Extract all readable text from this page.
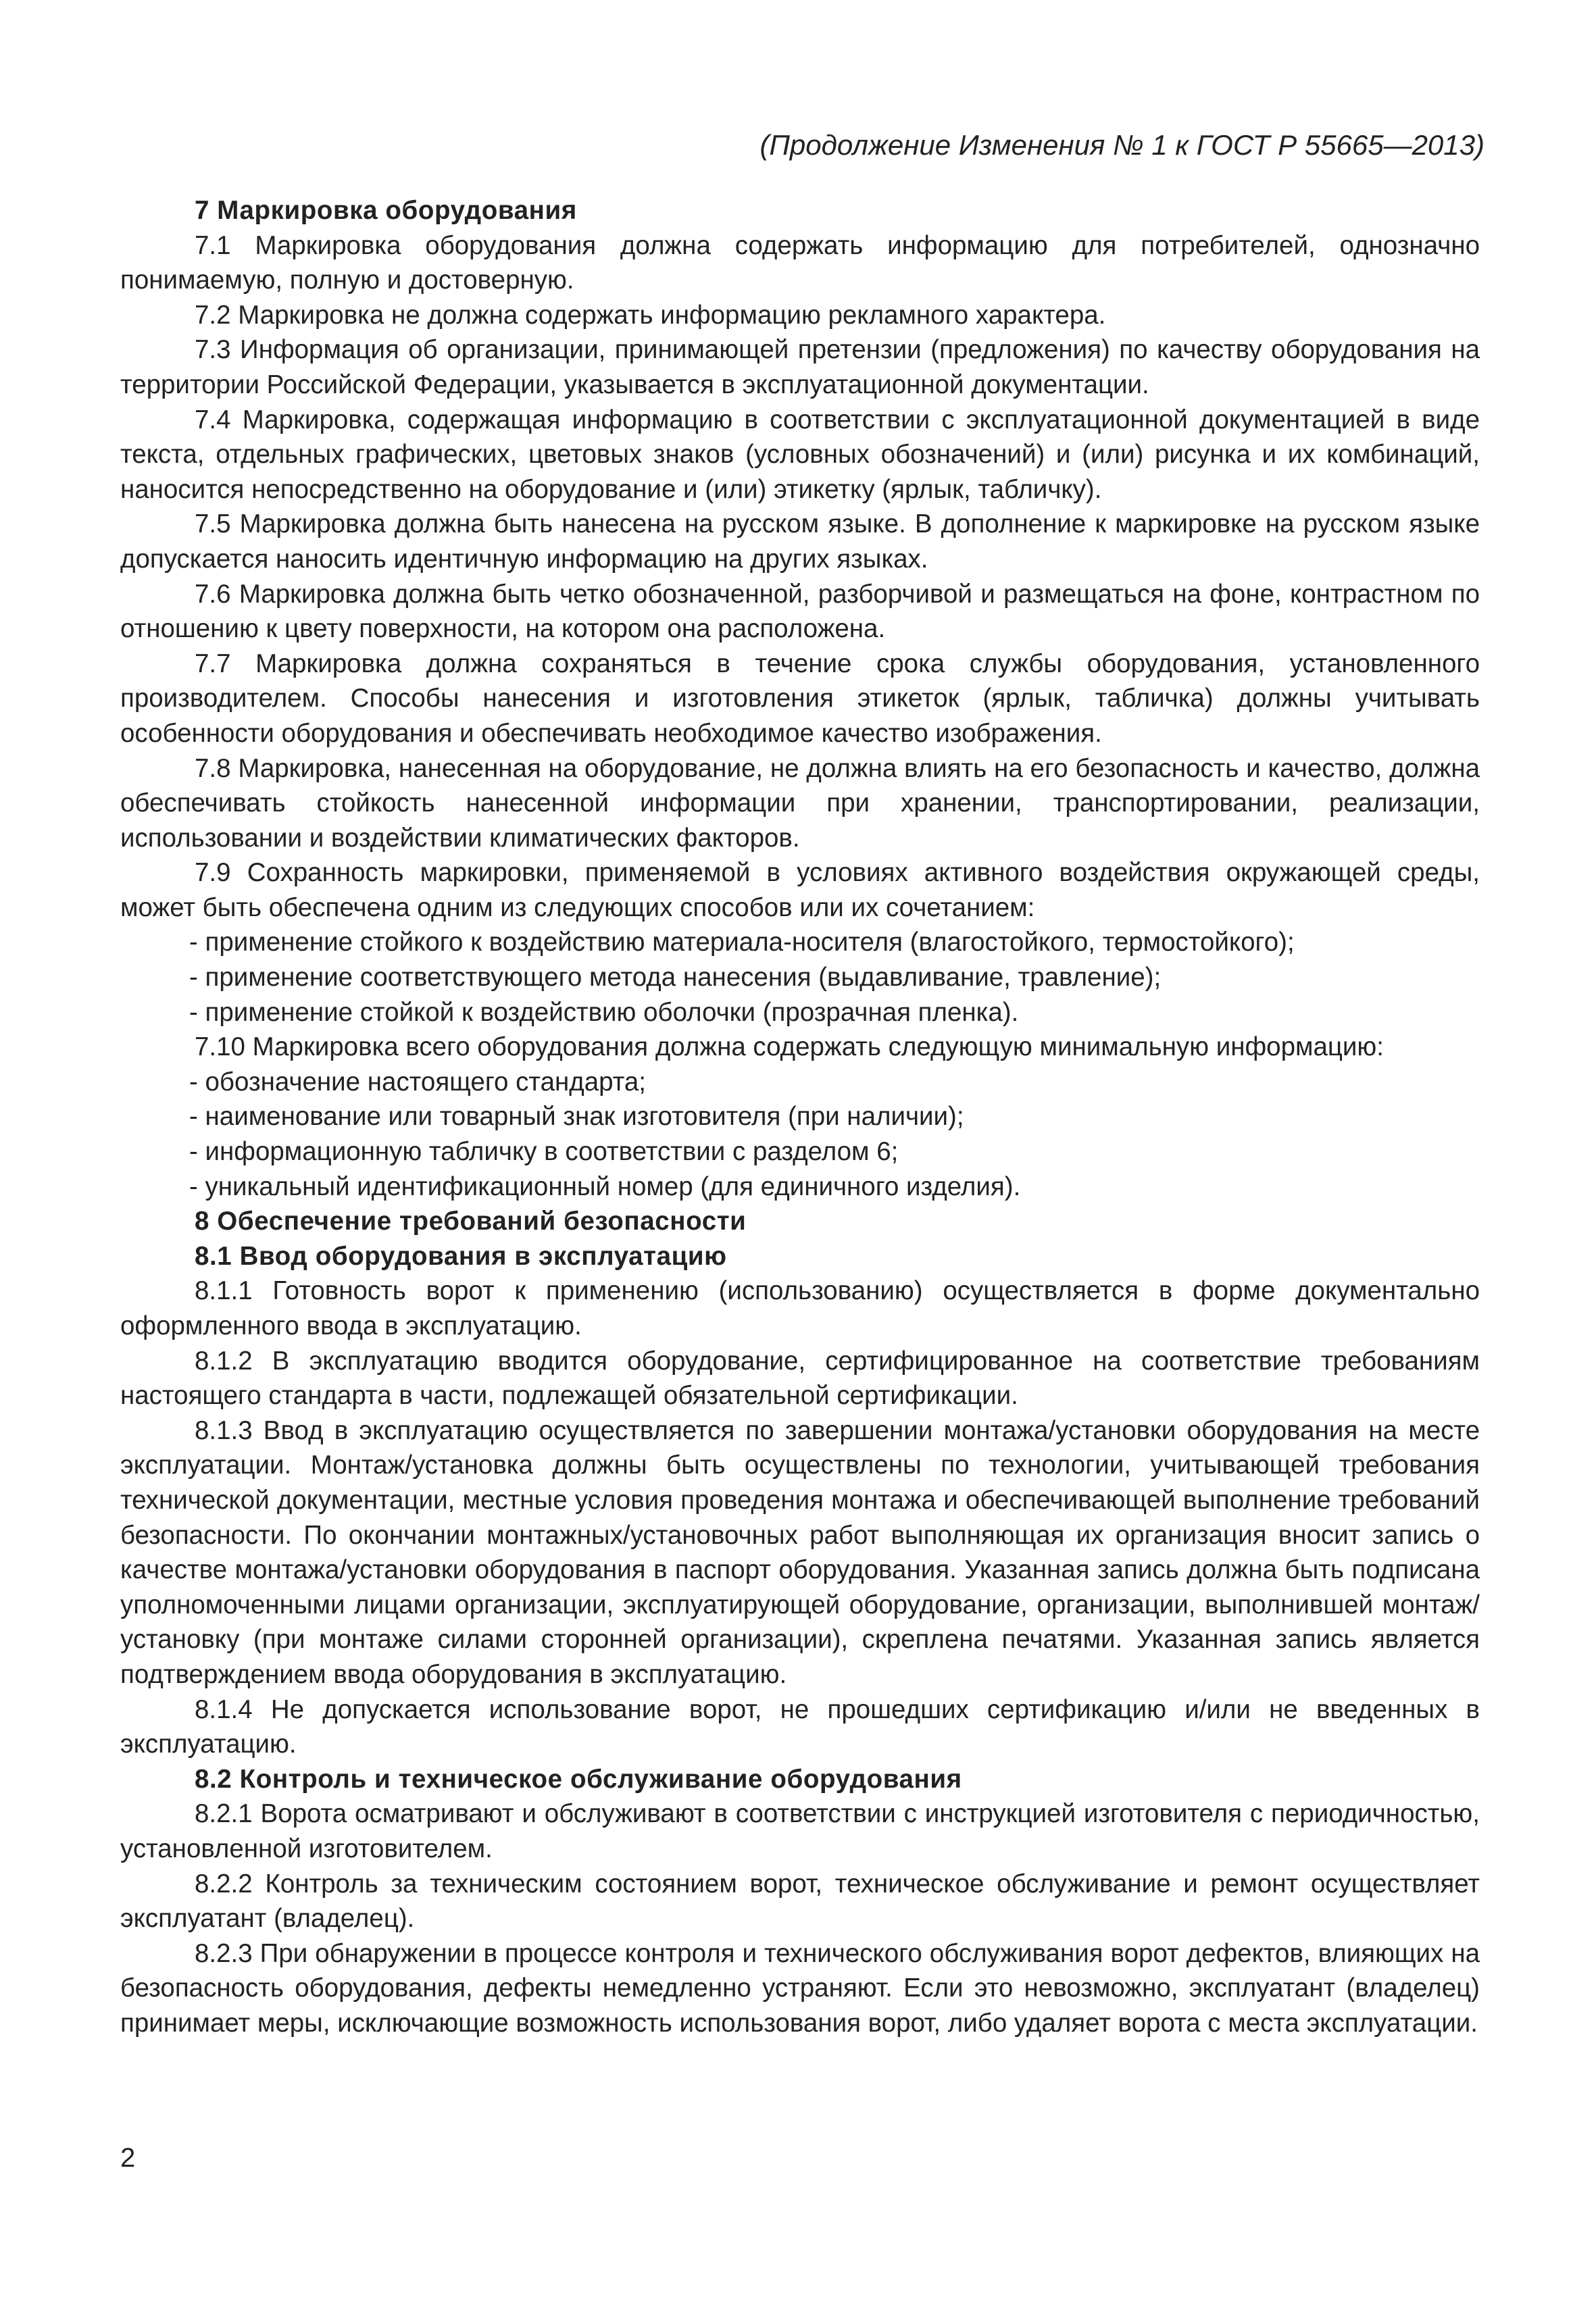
(Продолжение Изменения № 1 к ГОСТ Р 55665—2013)

7 Маркировка оборудования

7.1 Маркировка оборудования должна содержать информацию для потребителей, однозначно понимаемую, полную и достоверную.

7.2 Маркировка не должна содержать информацию рекламного характера.

7.3 Информация об организации, принимающей претензии (предложения) по качеству оборудования на территории Российской Федерации, указывается в эксплуатационной документации.

7.4 Маркировка, содержащая информацию в соответствии с эксплуатационной документацией в виде текста, отдельных графических, цветовых знаков (условных обозначений) и (или) рисунка и их комбинаций, наносится непосредственно на оборудование и (или) этикетку (ярлык, табличку).

7.5 Маркировка должна быть нанесена на русском языке. В дополнение к маркировке на русском языке допускается наносить идентичную информацию на других языках.

7.6 Маркировка должна быть четко обозначенной, разборчивой и размещаться на фоне, контрастном по отношению к цвету поверхности, на котором она расположена.

7.7 Маркировка должна сохраняться в течение срока службы оборудования, установленного производителем. Способы нанесения и изготовления этикеток (ярлык, табличка) должны учитывать особенности оборудования и обеспечивать необходимое качество изображения.

7.8 Маркировка, нанесенная на оборудование, не должна влиять на его безопасность и качество, должна обеспечивать стойкость нанесенной информации при хранении, транспортировании, реализации, использовании и воздействии климатических факторов.

7.9 Сохранность маркировки, применяемой в условиях активного воздействия окружающей среды, может быть обеспечена одним из следующих способов или их сочетанием:

- применение стойкого к воздействию материала-носителя (влагостойкого, термостойкого);

- применение соответствующего метода нанесения (выдавливание, травление);

- применение стойкой к воздействию оболочки (прозрачная пленка).

7.10 Маркировка всего оборудования должна содержать следующую минимальную информацию:

- обозначение настоящего стандарта;

- наименование или товарный знак изготовителя (при наличии);

- информационную табличку в соответствии с разделом 6;

- уникальный идентификационный номер (для единичного изделия).

8 Обеспечение требований безопасности

8.1 Ввод оборудования в эксплуатацию

8.1.1 Готовность ворот к применению (использованию) осуществляется в форме документально оформленного ввода в эксплуатацию.

8.1.2 В эксплуатацию вводится оборудование, сертифицированное на соответствие требованиям настоящего стандарта в части, подлежащей обязательной сертификации.

8.1.3 Ввод в эксплуатацию осуществляется по завершении монтажа/установки оборудования на месте эксплуатации. Монтаж/установка должны быть осуществлены по технологии, учитывающей требования технической документации, местные условия проведения монтажа и обеспечивающей выполнение требований безопасности. По окончании монтажных/установочных работ выполняющая их организация вносит запись о качестве монтажа/установки оборудования в паспорт оборудования. Указанная запись должна быть подписана уполномоченными лицами организации, эксплуатирующей оборудование, организации, выполнившей монтаж/установку (при монтаже силами сторонней организации), скреплена печатями. Указанная запись является подтверждением ввода оборудования в эксплуатацию.

8.1.4 Не допускается использование ворот, не прошедших сертификацию и/или не введенных в эксплуатацию.

8.2 Контроль и техническое обслуживание оборудования

8.2.1 Ворота осматривают и обслуживают в соответствии с инструкцией изготовителя с периодичностью, установленной изготовителем.

8.2.2 Контроль за техническим состоянием ворот, техническое обслуживание и ремонт осуществляет эксплуатант (владелец).

8.2.3 При обнаружении в процессе контроля и технического обслуживания ворот дефектов, влияющих на безопасность оборудования, дефекты немедленно устраняют. Если это невозможно, эксплуатант (владелец) принимает меры, исключающие возможность использования ворот, либо удаляет ворота с места эксплуатации.

2
